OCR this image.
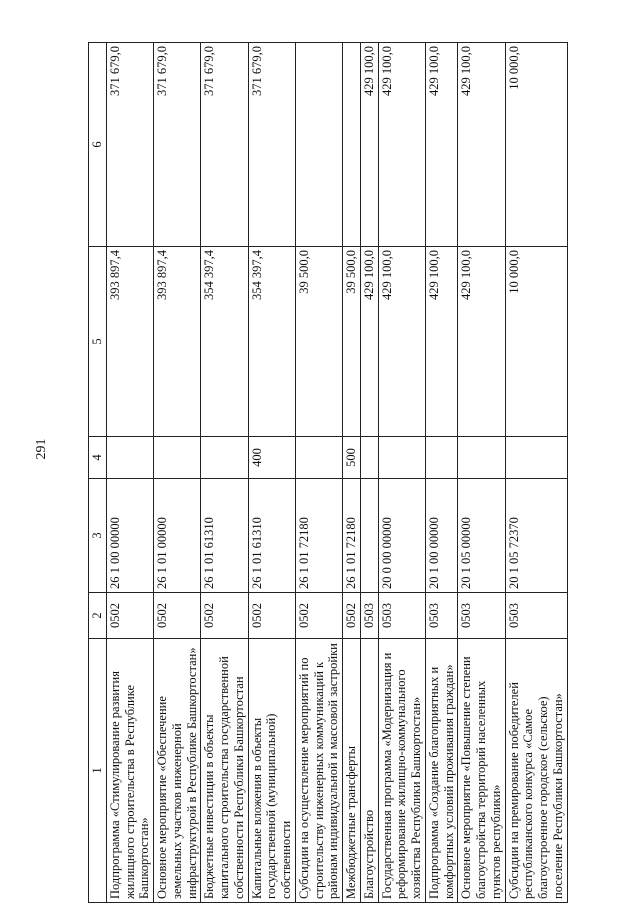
291
1	2	3	4	5	6
Подпрограмма «Стимулирование развития жилищного строительства в Республике Башкортостан»	0502	26 1 00 00000		393 897,4	371 679,0
Основное мероприятие «Обеспечение земельных участков инженерной инфраструктурой в Республике Башкортостан»	0502	26 1 01 00000		393 897,4	371 679,0
Бюджетные инвестиции в объекты капитального строительства государственной собственности Республики Башкортостан	0502	26 1 01 61310		354 397,4	371 679,0
Капитальные вложения в объекты государственной (муниципальной) собственности	0502	26 1 01 61310	400	354 397,4	371 679,0
Субсидии на осуществление мероприятий по строительству инженерных коммуникаций к районам индивидуальной и массовой застройки	0502	26 1 01 72180		39 500,0	
Межбюджетные трансферты	0502	26 1 01 72180	500	39 500,0	
Благоустройство	0503			429 100,0	429 100,0
Государственная программа «Модернизация и реформирование жилищно-коммунального хозяйства Республики Башкортостан»	0503	20 0 00 00000		429 100,0	429 100,0
Подпрограмма «Создание благоприятных и комфортных условий проживания граждан»	0503	20 1 00 00000		429 100,0	429 100,0
Основное мероприятие «Повышение степени благоустройства территорий населенных пунктов республики»	0503	20 1 05 00000		429 100,0	429 100,0
Субсидии на премирование победителей республиканского конкурса «Самое благоустроенное городское (сельское) поселение Республики Башкортостан»	0503	20 1 05 72370		10 000,0	10 000,0
